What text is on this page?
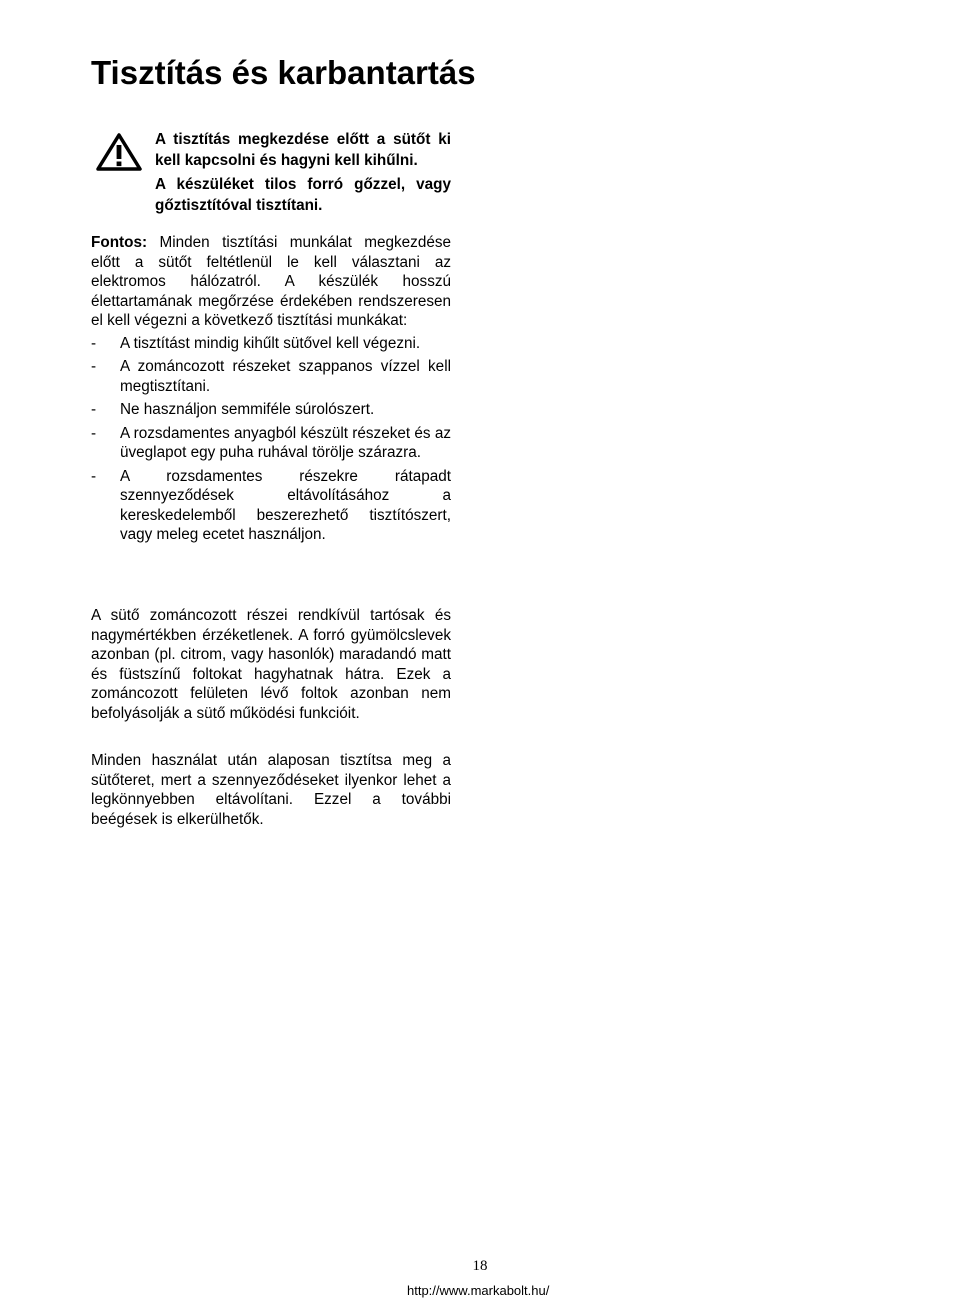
Tisztítás és karbantartás

A tisztítás megkezdése előtt a sütőt ki kell kapcsolni és hagyni kell kihűlni.

A készüléket tilos forró gőzzel, vagy gőztisztítóval tisztítani.

Fontos: Minden tisztítási munkálat megkezdése előtt a sütőt feltétlenül le kell választani az elektromos hálózatról. A készülék hosszú élettartamának megőrzése érdekében rendszeresen el kell végezni a következő tisztítási munkákat:

- A tisztítást mindig kihűlt sütővel kell végezni.
- A zománcozott részeket szappanos vízzel kell megtisztítani.
- Ne használjon semmiféle súrolószert.
- A rozsdamentes anyagból készült részeket és az üveglapot egy puha ruhával törölje szárazra.
- A rozsdamentes részekre rátapadt szennyeződések eltávolításához a kereskedelemből beszerezhető tisztítószert, vagy meleg ecetet használjon.

A sütő zománcozott részei rendkívül tartósak és nagymértékben érzéketlenek. A forró gyümölcslevek azonban (pl. citrom, vagy hasonlók) maradandó matt és füstszínű foltokat hagyhatnak hátra. Ezek a zománcozott felületen lévő foltok azonban nem befolyásolják a sütő működési funkcióit.

Minden használat után alaposan tisztítsa meg a sütőteret, mert a szennyeződéseket ilyenkor lehet a legkönnyebben eltávolítani. Ezzel a további beégések is elkerülhetők.

18
http://www.markabolt.hu/
